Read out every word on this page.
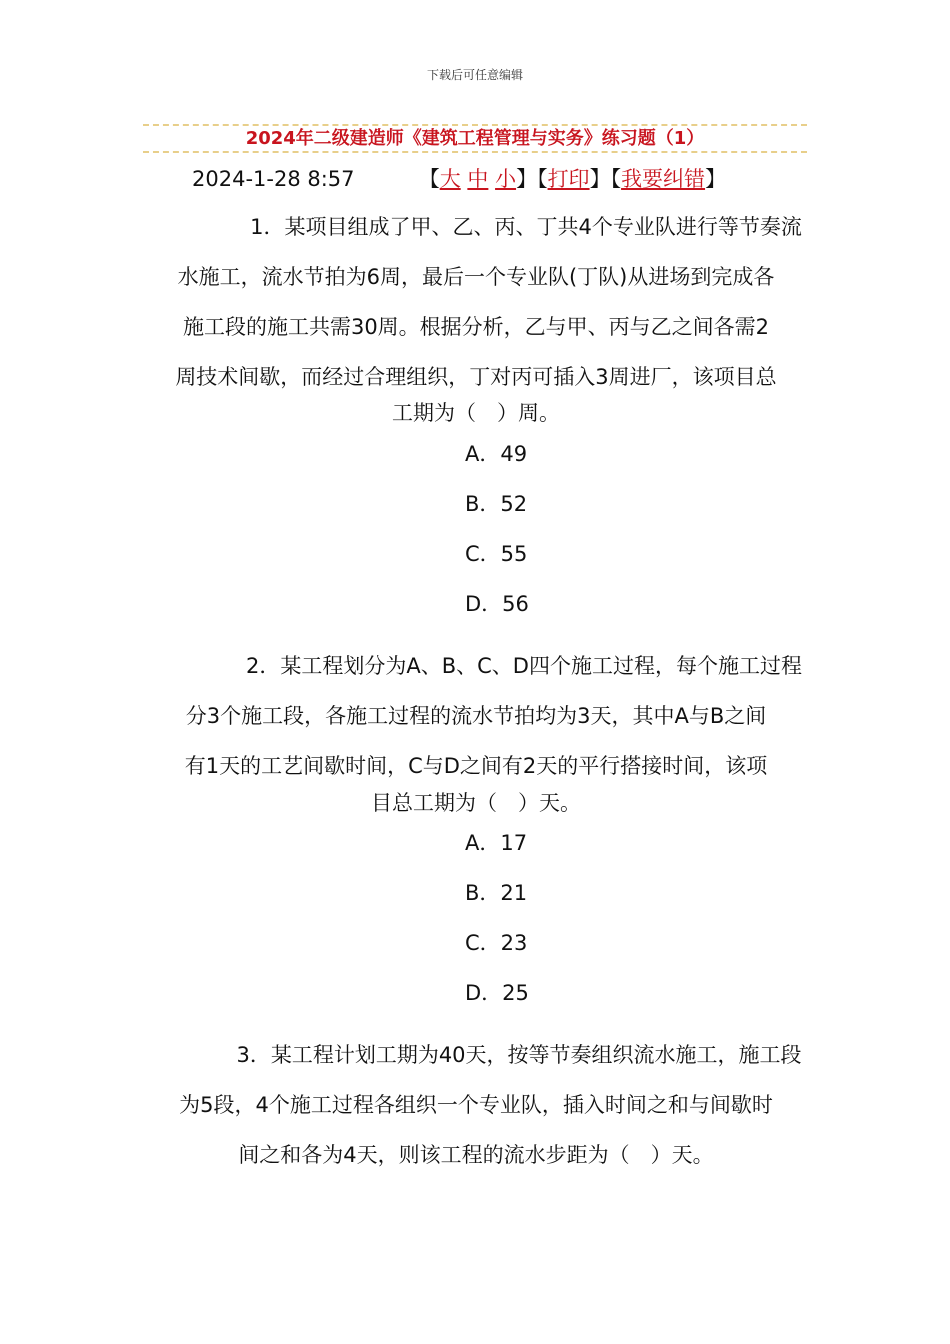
下载后可任意编辑
2024年二级建造师《建筑工程管理与实务》练习题（1）
2024-1-28 8:57	【大 中 小】【打印】【我要纠错】
1．某项目组成了甲、乙、丙、丁共4个专业队进行等节奏流
水施工，流水节拍为6周，最后一个专业队(丁队)从进场到完成各
施工段的施工共需30周。根据分析，乙与甲、丙与乙之间各需2
周技术间歇，而经过合理组织，丁对丙可插入3周进厂，该项目总
工期为（　）周。
A．49
B．52
C．55
D．56
2．某工程划分为A、B、C、D四个施工过程，每个施工过程
分3个施工段，各施工过程的流水节拍均为3天，其中A与B之间
有1天的工艺间歇时间，C与D之间有2天的平行搭接时间，该项
目总工期为（　）天。
A．17
B．21
C．23
D．25
3．某工程计划工期为40天，按等节奏组织流水施工，施工段
为5段，4个施工过程各组织一个专业队，插入时间之和与间歇时
间之和各为4天，则该工程的流水步距为（　）天。
